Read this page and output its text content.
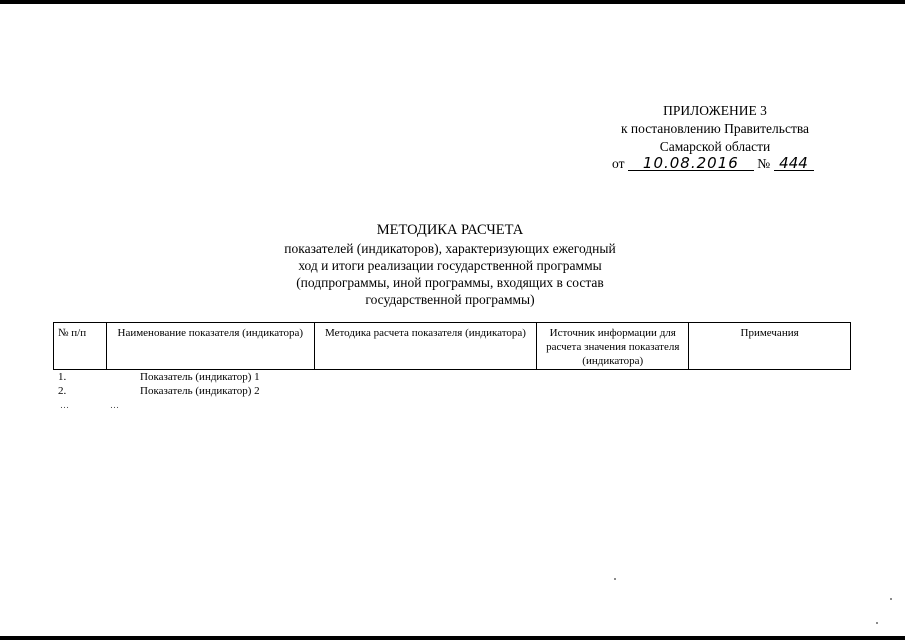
ПРИЛОЖЕНИЕ 3
к постановлению Правительства
Самарской области
от 10.08.2016 № 444
МЕТОДИКА РАСЧЕТА
показателей (индикаторов), характеризующих ежегодный
ход и итоги реализации государственной программы
(подпрограммы, иной программы, входящих в состав
государственной программы)
№ п/п	Наименование показателя (индикатора)	Методика расчета показателя (индикатора)	Источник информации для расчета значения показателя (индикатора)	Примечания
1.	Показатель (индикатор) 1
2.	Показатель (индикатор) 2
…	…
